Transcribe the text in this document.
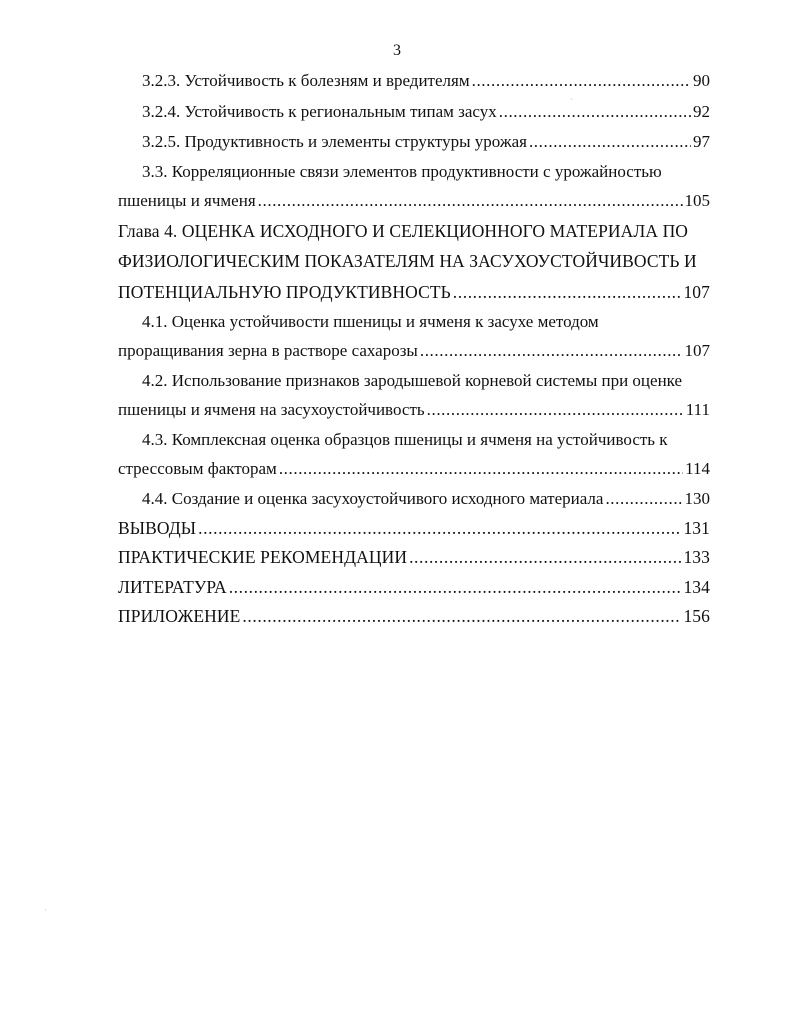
3
3.2.3. Устойчивость к болезням и вредителям .....	90
3.2.4. Устойчивость к региональным типам засух .....	92
3.2.5. Продуктивность и элементы структуры урожая .....	97
3.3. Корреляционные связи элементов продуктивности с урожайностью
пшеницы и ячменя .....	105
Глава 4. ОЦЕНКА ИСХОДНОГО И СЕЛЕКЦИОННОГО МАТЕРИАЛА ПО
ФИЗИОЛОГИЧЕСКИМ ПОКАЗАТЕЛЯМ НА ЗАСУХОУСТОЙЧИВОСТЬ И
ПОТЕНЦИАЛЬНУЮ ПРОДУКТИВНОСТЬ .....	107
4.1. Оценка устойчивости пшеницы и ячменя к засухе методом
проращивания зерна в растворе сахарозы .....	107
4.2. Использование признаков зародышевой корневой системы при оценке
пшеницы и ячменя на засухоустойчивость .....	111
4.3. Комплексная оценка образцов пшеницы и ячменя на устойчивость к
стрессовым факторам .....	114
4.4. Создание и оценка засухоустойчивого исходного материала .....	130
ВЫВОДЫ .....	131
ПРАКТИЧЕСКИЕ РЕКОМЕНДАЦИИ .....	133
ЛИТЕРАТУРА .....	134
ПРИЛОЖЕНИЕ .....	156
ˏ
·
